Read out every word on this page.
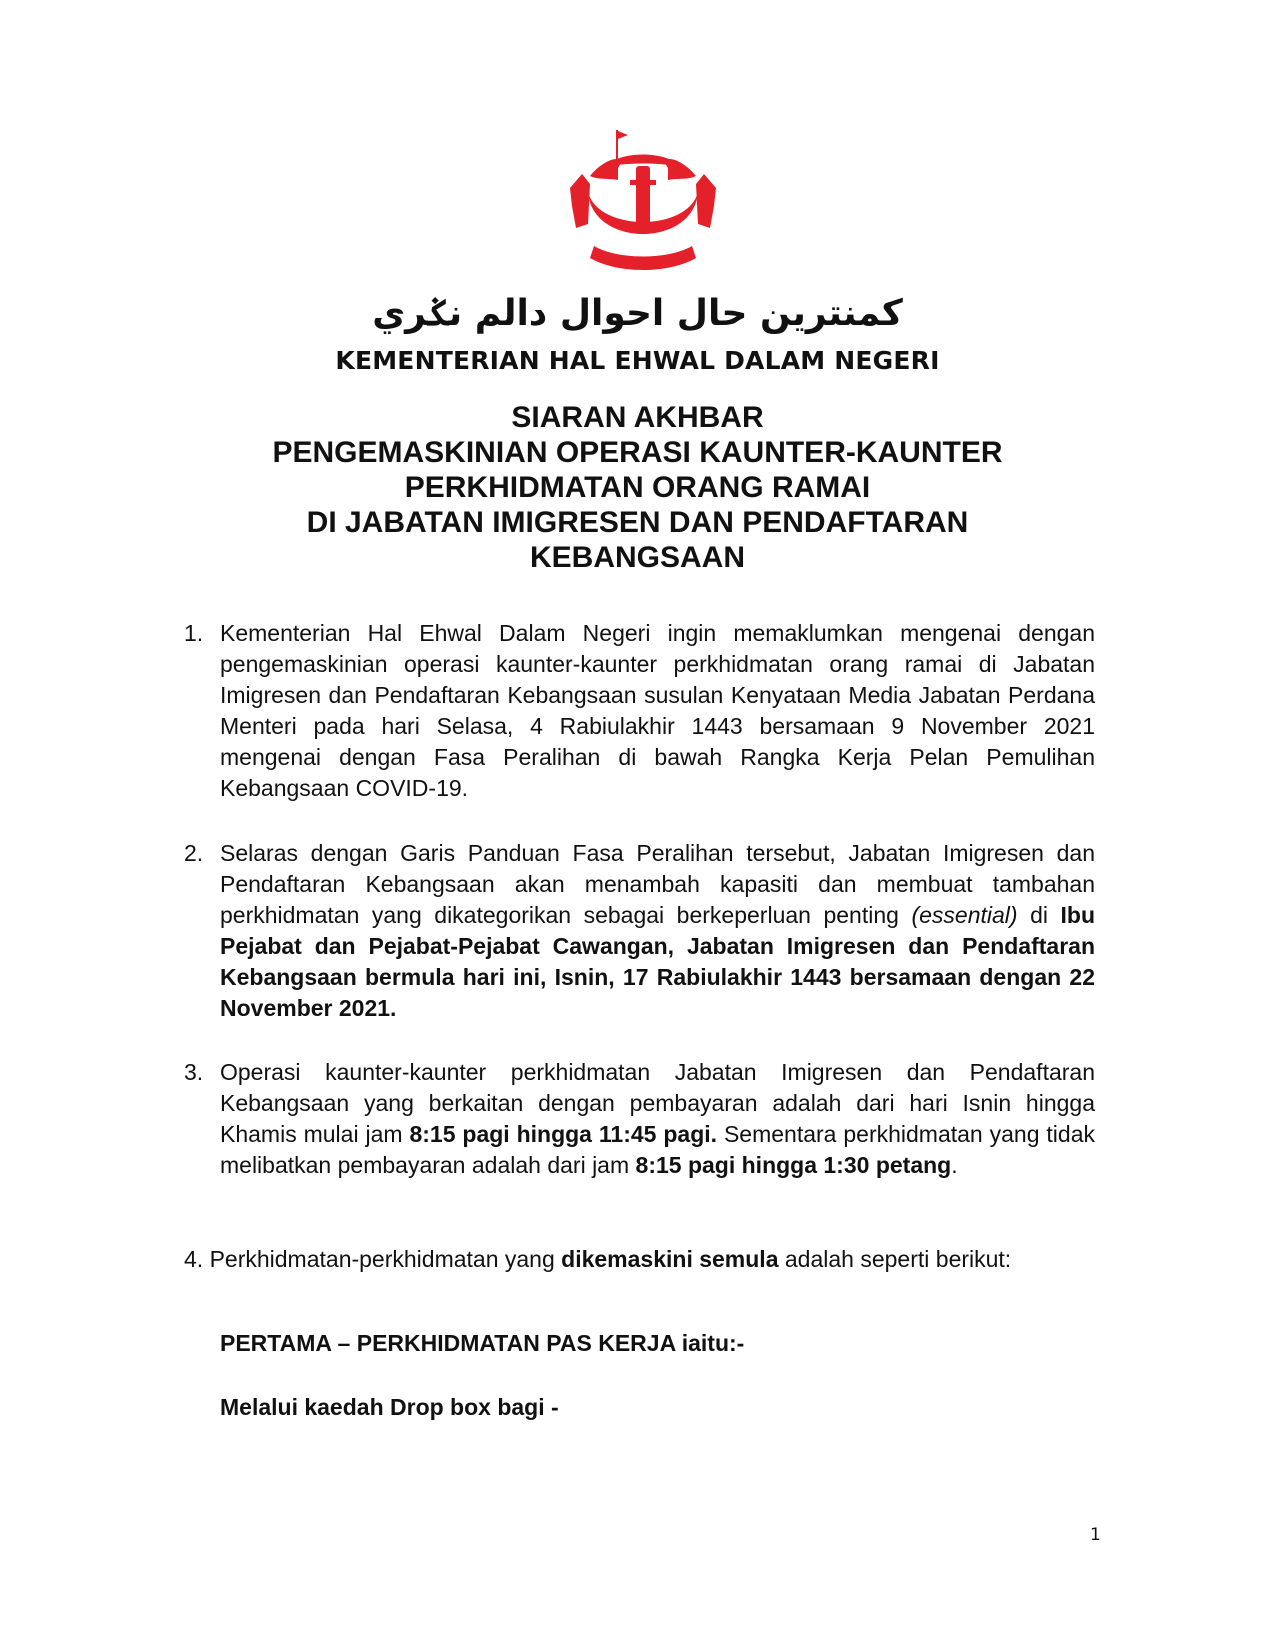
كمنترين حال احوال دالم نݢري
KEMENTERIAN HAL EHWAL DALAM NEGERI
SIARAN AKHBAR
PENGEMASKINIAN OPERASI KAUNTER-KAUNTER
PERKHIDMATAN ORANG RAMAI
DI JABATAN IMIGRESEN DAN PENDAFTARAN
KEBANGSAAN
1. Kementerian Hal Ehwal Dalam Negeri ingin memaklumkan mengenai dengan pengemaskinian operasi kaunter-kaunter perkhidmatan orang ramai di Jabatan Imigresen dan Pendaftaran Kebangsaan susulan Kenyataan Media Jabatan Perdana Menteri pada hari Selasa, 4 Rabiulakhir 1443 bersamaan 9 November 2021 mengenai dengan Fasa Peralihan di bawah Rangka Kerja Pelan Pemulihan Kebangsaan COVID-19.
2. Selaras dengan Garis Panduan Fasa Peralihan tersebut, Jabatan Imigresen dan Pendaftaran Kebangsaan akan menambah kapasiti dan membuat tambahan perkhidmatan yang dikategorikan sebagai berkeperluan penting (essential) di Ibu Pejabat dan Pejabat-Pejabat Cawangan, Jabatan Imigresen dan Pendaftaran Kebangsaan bermula hari ini, Isnin, 17 Rabiulakhir 1443 bersamaan dengan 22 November 2021.
3. Operasi kaunter-kaunter perkhidmatan Jabatan Imigresen dan Pendaftaran Kebangsaan yang berkaitan dengan pembayaran adalah dari hari Isnin hingga Khamis mulai jam 8:15 pagi hingga 11:45 pagi. Sementara perkhidmatan yang tidak melibatkan pembayaran adalah dari jam 8:15 pagi hingga 1:30 petang.
4. Perkhidmatan-perkhidmatan yang dikemaskini semula adalah seperti berikut:
PERTAMA – PERKHIDMATAN PAS KERJA iaitu:-
Melalui kaedah Drop box bagi -
1
